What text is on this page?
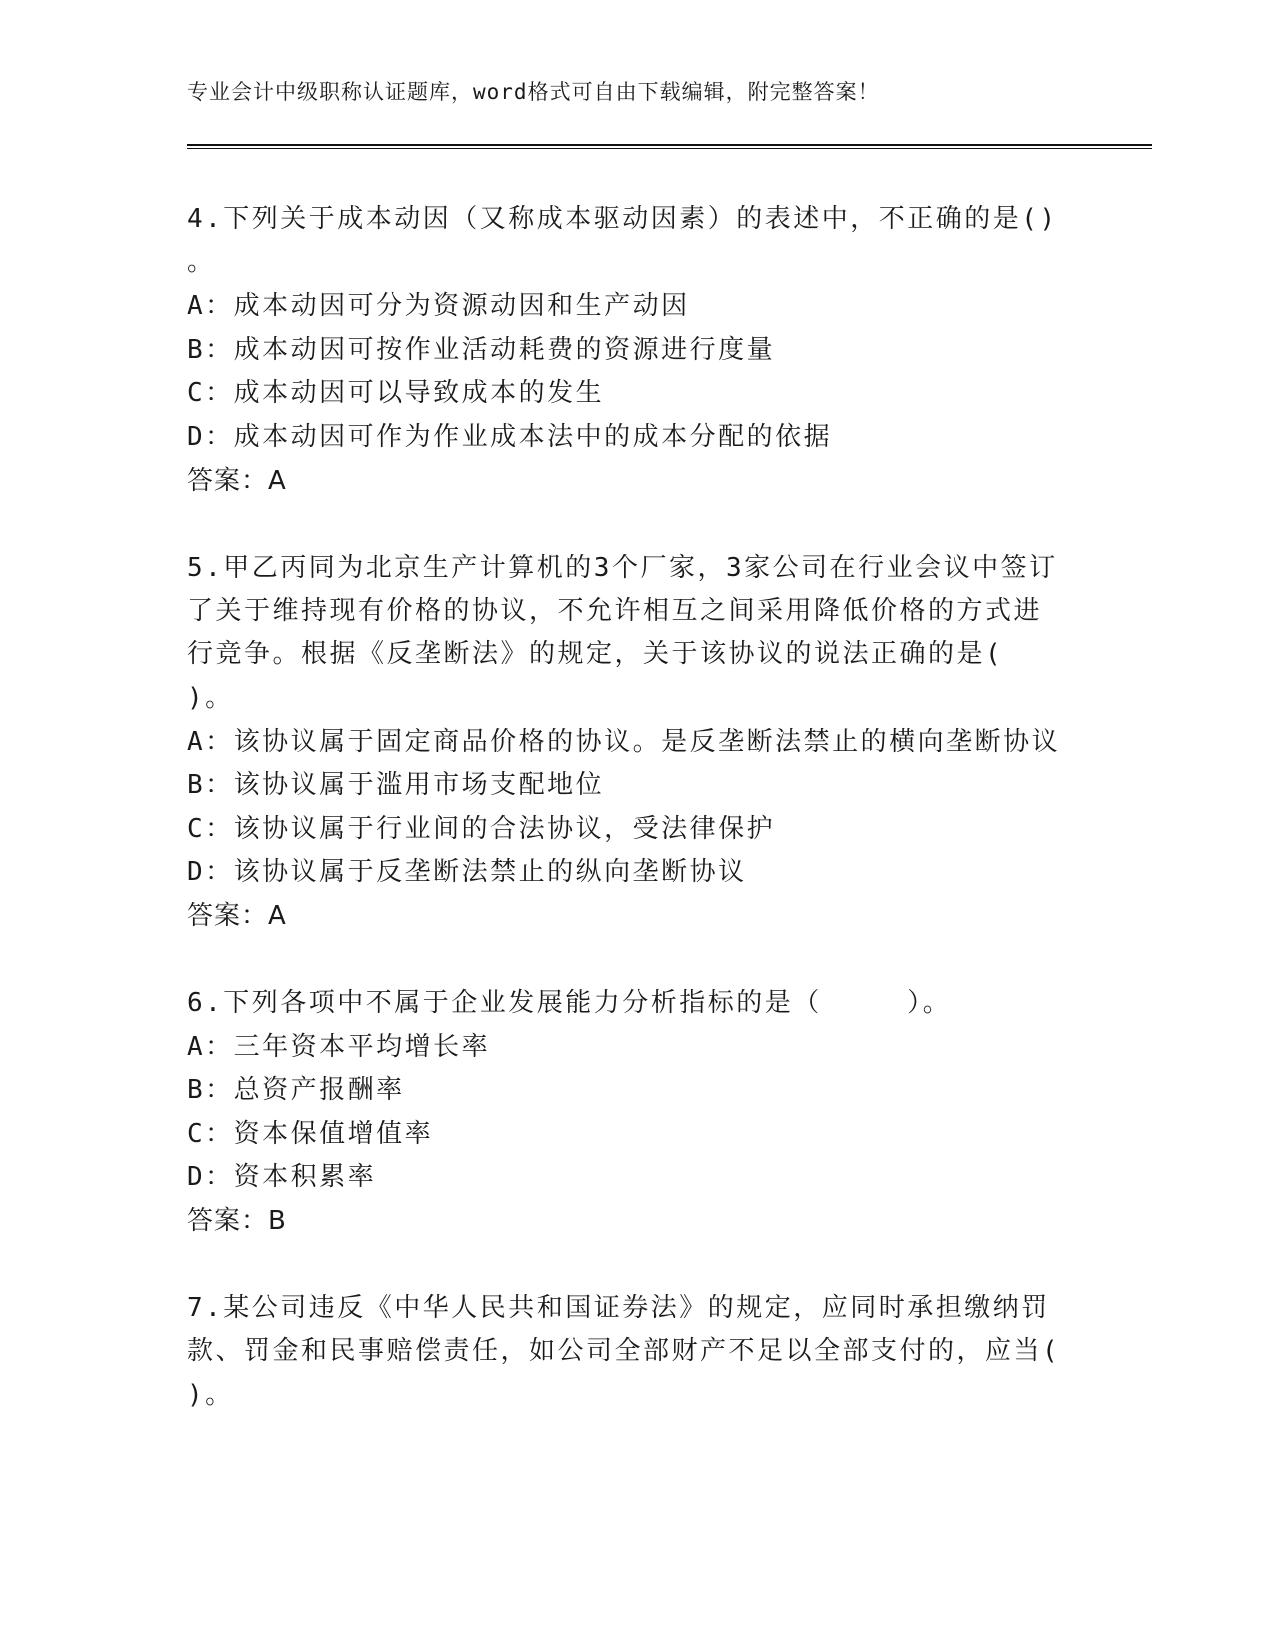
专业会计中级职称认证题库，word格式可自由下载编辑，附完整答案！
4.下列关于成本动因（又称成本驱动因素）的表述中，不正确的是()
。
A：成本动因可分为资源动因和生产动因
B：成本动因可按作业活动耗费的资源进行度量
C：成本动因可以导致成本的发生
D：成本动因可作为作业成本法中的成本分配的依据
答案：A
5.甲乙丙同为北京生产计算机的3个厂家，3家公司在行业会议中签订
了关于维持现有价格的协议，不允许相互之间采用降低价格的方式进
行竞争。根据《反垄断法》的规定，关于该协议的说法正确的是(
)。
A：该协议属于固定商品价格的协议。是反垄断法禁止的横向垄断协议
B：该协议属于滥用市场支配地位
C：该协议属于行业间的合法协议，受法律保护
D：该协议属于反垄断法禁止的纵向垄断协议
答案：A
6.下列各项中不属于企业发展能力分析指标的是（　　　）。
A：三年资本平均增长率
B：总资产报酬率
C：资本保值增值率
D：资本积累率
答案：B
7.某公司违反《中华人民共和国证券法》的规定，应同时承担缴纳罚
款、罚金和民事赔偿责任，如公司全部财产不足以全部支付的，应当(
)。
